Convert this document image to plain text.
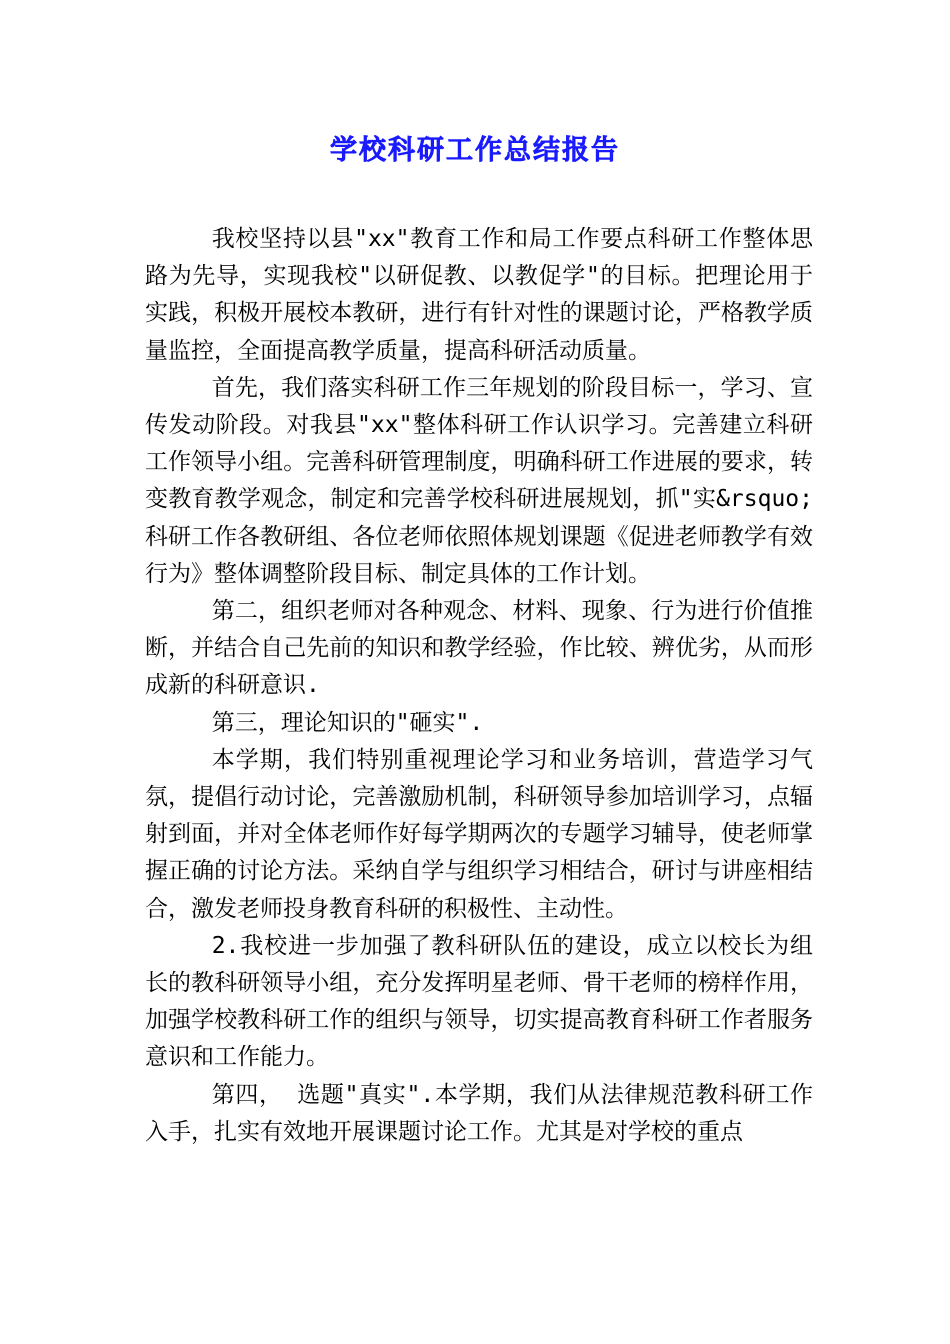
学校科研工作总结报告

我校坚持以县"xx"教育工作和局工作要点科研工作整体思路为先导，实现我校"以研促教、以教促学"的目标。把理论用于实践，积极开展校本教研，进行有针对性的课题讨论，严格教学质量监控，全面提高教学质量，提高科研活动质量。

首先，我们落实科研工作三年规划的阶段目标一，学习、宣传发动阶段。对我县"xx"整体科研工作认识学习。完善建立科研工作领导小组。完善科研管理制度，明确科研工作进展的要求，转变教育教学观念，制定和完善学校科研进展规划，抓"实&rsquo;科研工作各教研组、各位老师依照体规划课题《促进老师教学有效行为》整体调整阶段目标、制定具体的工作计划。

第二，组织老师对各种观念、材料、现象、行为进行价值推断，并结合自己先前的知识和教学经验，作比较、辨优劣，从而形成新的科研意识.

第三，理论知识的"砸实".

本学期，我们特别重视理论学习和业务培训，营造学习气氛，提倡行动讨论，完善激励机制，科研领导参加培训学习，点辐射到面，并对全体老师作好每学期两次的专题学习辅导，使老师掌握正确的讨论方法。采纳自学与组织学习相结合，研讨与讲座相结合，激发老师投身教育科研的积极性、主动性。

2.我校进一步加强了教科研队伍的建设，成立以校长为组长的教科研领导小组，充分发挥明星老师、骨干老师的榜样作用，加强学校教科研工作的组织与领导，切实提高教育科研工作者服务意识和工作能力。

第四， 选题"真实".本学期，我们从法律规范教科研工作入手，扎实有效地开展课题讨论工作。尤其是对学校的重点
